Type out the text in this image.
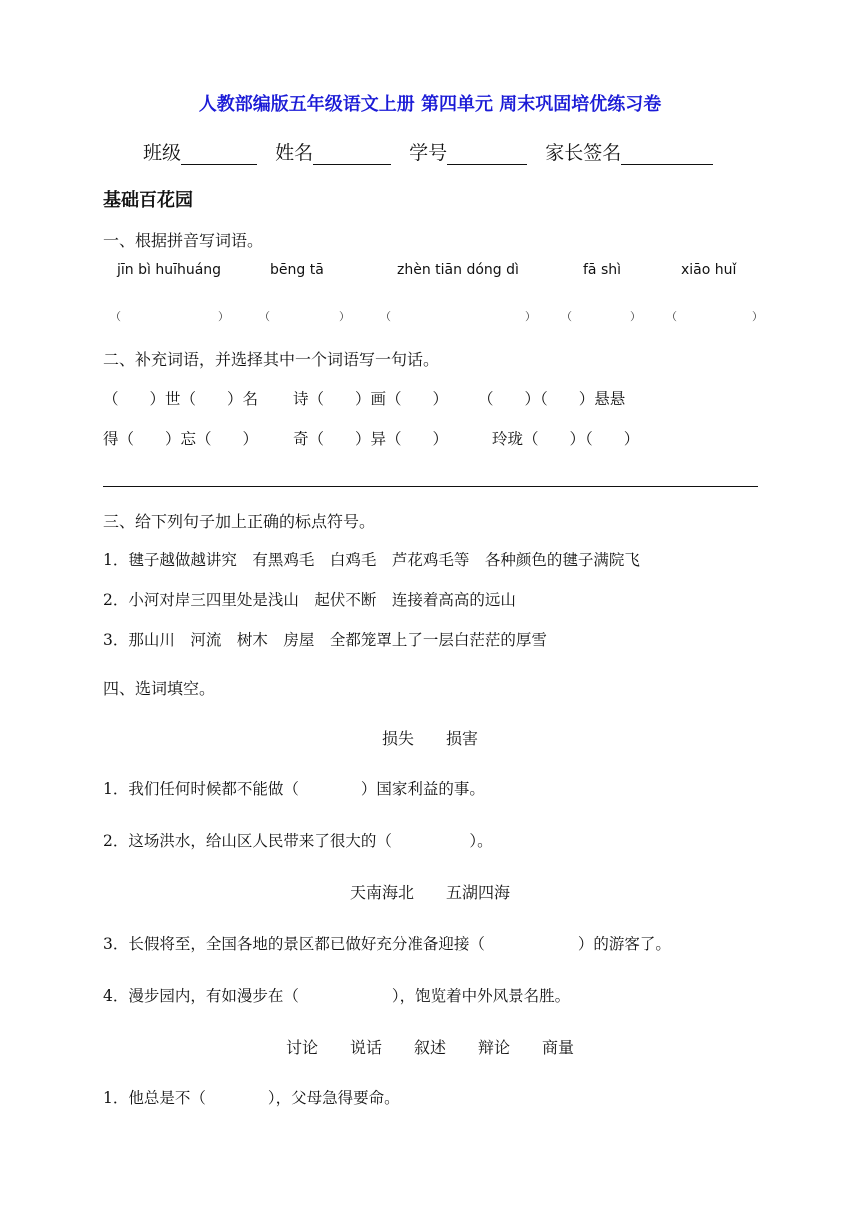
人教部编版五年级语文上册 第四单元 周末巩固培优练习卷
班级	姓名	学号	家长签名
基础百花园
一、根据拼音写词语。
jīn bì huīhuáng	bēng tā	zhèn tiān dóng dì	fā shì	xiāo huǐ
（	）	（	）	（	） （	） （	）
二、补充词语，并选择其中一个词语写一句话。
（　　）世（　　）名 诗（　　）画（　　） （　　）（　　）悬悬
得（　　）忘（　　） 奇（　　）异（　　）	玲珑（　　）（　　）
三、给下列句子加上正确的标点符号。
1．毽子越做越讲究　有黑鸡毛　白鸡毛　芦花鸡毛等　各种颜色的毽子满院飞
2．小河对岸三四里处是浅山　起伏不断　连接着高高的远山
3．那山川　河流　树木　房屋　全都笼罩上了一层白茫茫的厚雪
四、选词填空。
损失　　损害
1．我们任何时候都不能做（　　　　）国家利益的事。
2．这场洪水，给山区人民带来了很大的（　　　　　）。
天南海北　　五湖四海
3．长假将至，全国各地的景区都已做好充分准备迎接（　　　　　　）的游客了。
4．漫步园内，有如漫步在（　　　　　　），饱览着中外风景名胜。
讨论　　说话　　叙述　　辩论　　商量
1．他总是不（　　　　），父母急得要命。
